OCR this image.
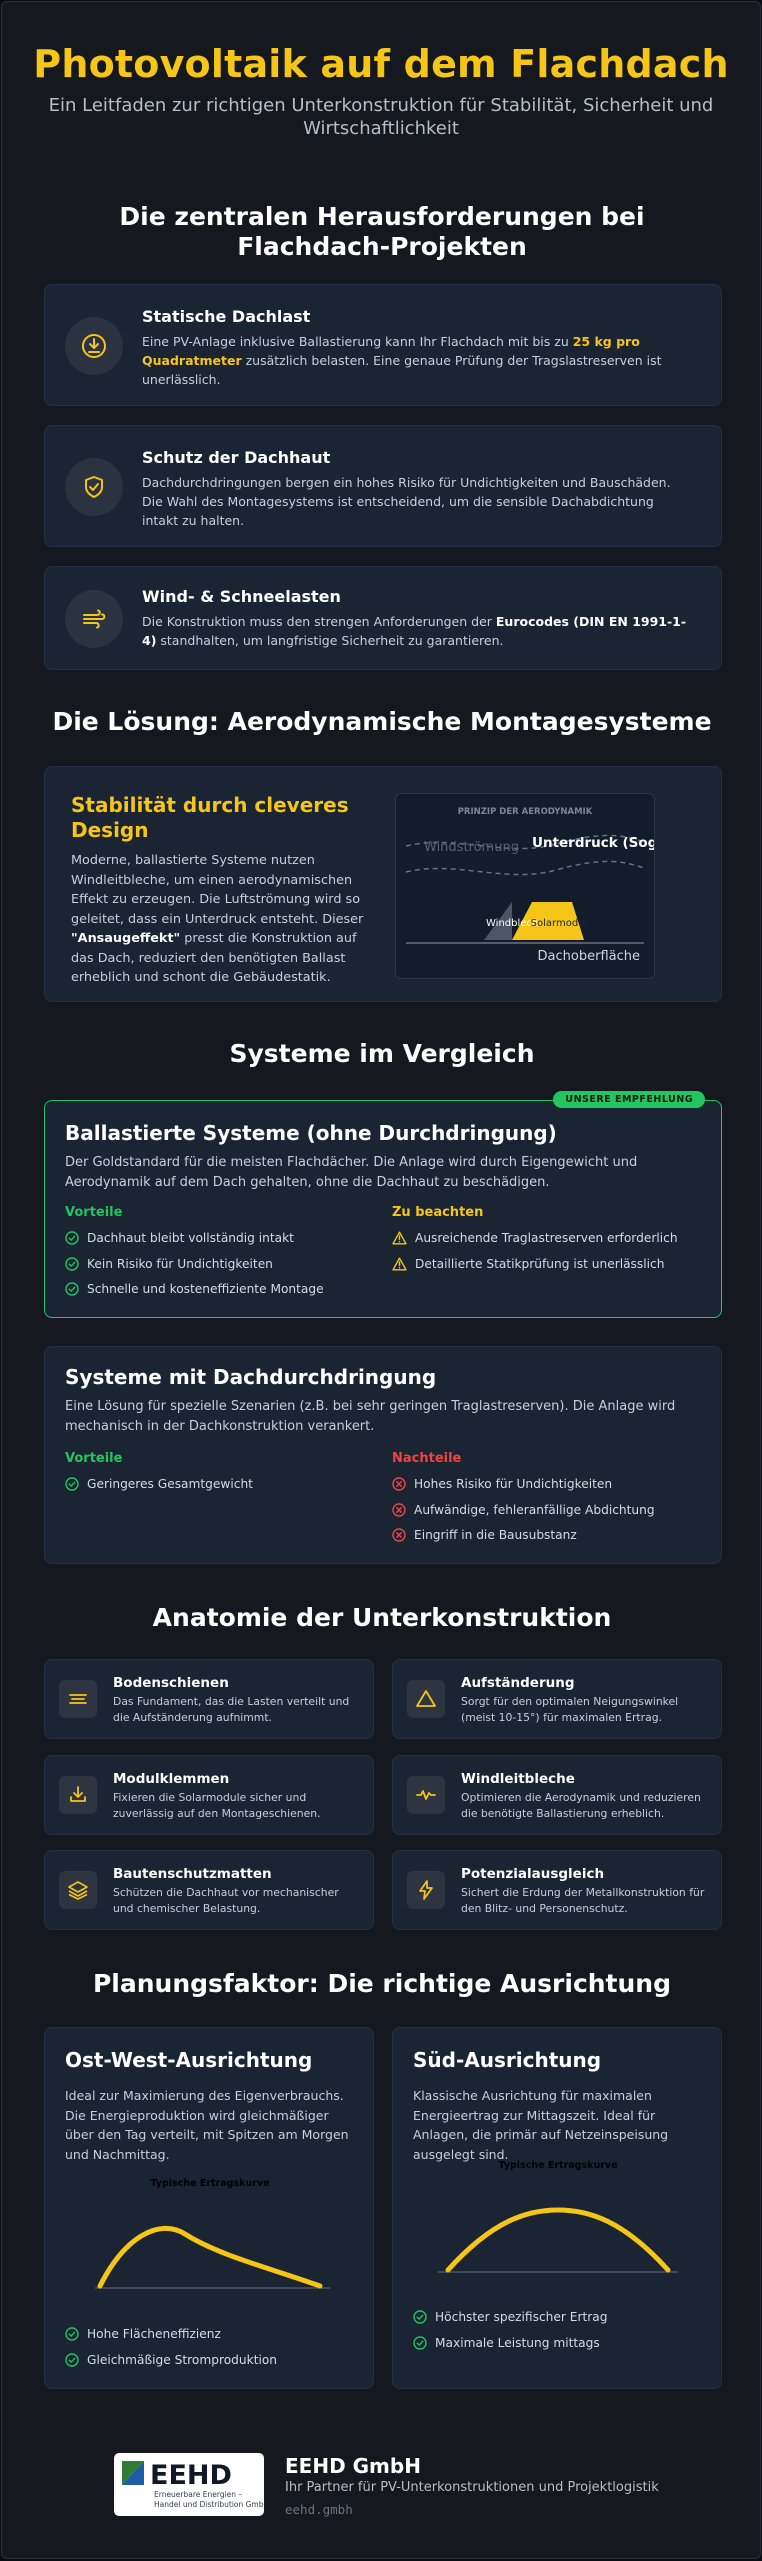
Photovoltaik auf dem Flachdach
Ein Leitfaden zur richtigen Unterkonstruktion für Stabilität, Sicherheit und Wirtschaftlichkeit
Die zentralen Herausforderungen bei Flachdach-Projekten
Statische Dachlast
Eine PV-Anlage inklusive Ballastierung kann Ihr Flachdach mit bis zu 25 kg pro Quadratmeter zusätzlich belasten. Eine genaue Prüfung der Tragslastreserven ist unerlässlich.
Schutz der Dachhaut
Dachdurchdringungen bergen ein hohes Risiko für Undichtigkeiten und Bauschäden. Die Wahl des Montagesystems ist entscheidend, um die sensible Dachabdichtung intakt zu halten.
Wind- & Schneelasten
Die Konstruktion muss den strengen Anforderungen der Eurocodes (DIN EN 1991-1-4) standhalten, um langfristige Sicherheit zu garantieren.
Die Lösung: Aerodynamische Montagesysteme
Stabilität durch cleveres Design
Moderne, ballastierte Systeme nutzen Windleitbleche, um einen aerodynamischen Effekt zu erzeugen. Die Luftströmung wird so geleitet, dass ein Unterdruck entsteht. Dieser "Ansaugeffekt" presst die Konstruktion auf das Dach, reduziert den benötigten Ballast erheblich und schont die Gebäudestatik.
PRINZIP DER AERODYNAMIK
Windströmung Unterdruck (Sog)
Windblech
Solarmodul
Dachoberfläche
Systeme im Vergleich
UNSERE EMPFEHLUNG
Ballastierte Systeme (ohne Durchdringung)
Der Goldstandard für die meisten Flachdächer. Die Anlage wird durch Eigengewicht und Aerodynamik auf dem Dach gehalten, ohne die Dachhaut zu beschädigen.
Vorteile
Dachhaut bleibt vollständig intakt
Kein Risiko für Undichtigkeiten
Schnelle und kosteneffiziente Montage
Zu beachten
Ausreichende Traglastreserven erforderlich
Detaillierte Statikprüfung ist unerlässlich
Systeme mit Dachdurchdringung
Eine Lösung für spezielle Szenarien (z.B. bei sehr geringen Traglastreserven). Die Anlage wird mechanisch in der Dachkonstruktion verankert.
Vorteile
Geringeres Gesamtgewicht
Nachteile
Hohes Risiko für Undichtigkeiten
Aufwändige, fehleranfällige Abdichtung
Eingriff in die Bausubstanz
Anatomie der Unterkonstruktion
Bodenschienen
Das Fundament, das die Lasten verteilt und die Aufständerung aufnimmt.
Aufständerung
Sorgt für den optimalen Neigungswinkel (meist 10-15°) für maximalen Ertrag.
Modulklemmen
Fixieren die Solarmodule sicher und zuverlässig auf den Montageschienen.
Windleitbleche
Optimieren die Aerodynamik und reduzieren die benötigte Ballastierung erheblich.
Bautenschutzmatten
Schützen die Dachhaut vor mechanischer und chemischer Belastung.
Potenzialausgleich
Sichert die Erdung der Metallkonstruktion für den Blitz- und Personenschutz.
Planungsfaktor: Die richtige Ausrichtung
Ost-West-Ausrichtung
Ideal zur Maximierung des Eigenverbrauchs. Die Energieproduktion wird gleichmäßiger über den Tag verteilt, mit Spitzen am Morgen und Nachmittag.
Typische Ertragskurve
Hohe Flächeneffizienz
Gleichmäßige Stromproduktion
Süd-Ausrichtung
Klassische Ausrichtung für maximalen Energieertrag zur Mittagszeit. Ideal für Anlagen, die primär auf Netzeinspeisung ausgelegt sind.
Typische Ertragskurve
Höchster spezifischer Ertrag
Maximale Leistung mittags
EEHD
Erneuerbare Energien –
Handel und Distribution GmbH
EEHD GmbH
Ihr Partner für PV-Unterkonstruktionen und Projektlogistik
eehd.gmbh
